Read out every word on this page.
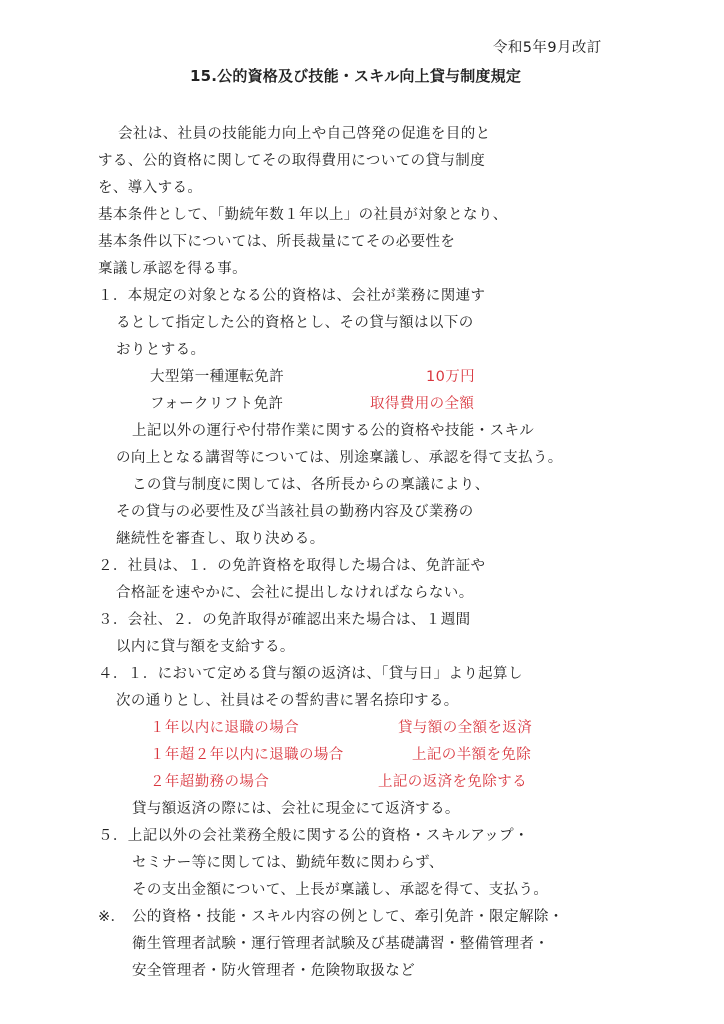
令和5年9月改訂
15.公的資格及び技能・スキル向上貸与制度規定
会社は、社員の技能能力向上や自己啓発の促進を目的と
する、公的資格に関してその取得費用についての貸与制度
を、導入する。
基本条件として、「勤続年数１年以上」の社員が対象となり、
基本条件以下については、所長裁量にてその必要性を
稟議し承認を得る事。
１．本規定の対象となる公的資格は、会社が業務に関連す
るとして指定した公的資格とし、その貸与額は以下の
おりとする。
大型第一種運転免許	10万円
フォークリフト免許	取得費用の全額
上記以外の運行や付帯作業に関する公的資格や技能・スキル
の向上となる講習等については、別途稟議し、承認を得て支払う。
この貸与制度に関しては、各所長からの稟議により、
その貸与の必要性及び当該社員の勤務内容及び業務の
継続性を審査し、取り決める。
２．社員は、１．の免許資格を取得した場合は、免許証や
合格証を速やかに、会社に提出しなければならない。
３．会社、２．の免許取得が確認出来た場合は、１週間
以内に貸与額を支給する。
４．１．において定める貸与額の返済は、「貸与日」より起算し
次の通りとし、社員はその誓約書に署名捺印する。
１年以内に退職の場合	貸与額の全額を返済
１年超２年以内に退職の場合	上記の半額を免除
２年超勤務の場合	上記の返済を免除する
貸与額返済の際には、会社に現金にて返済する。
５．上記以外の会社業務全般に関する公的資格・スキルアップ・
セミナー等に関しては、勤続年数に関わらず、
その支出金額について、上長が稟議し、承認を得て、支払う。
※． 公的資格・技能・スキル内容の例として、牽引免許・限定解除・
衛生管理者試験・運行管理者試験及び基礎講習・整備管理者・
安全管理者・防火管理者・危険物取扱など
